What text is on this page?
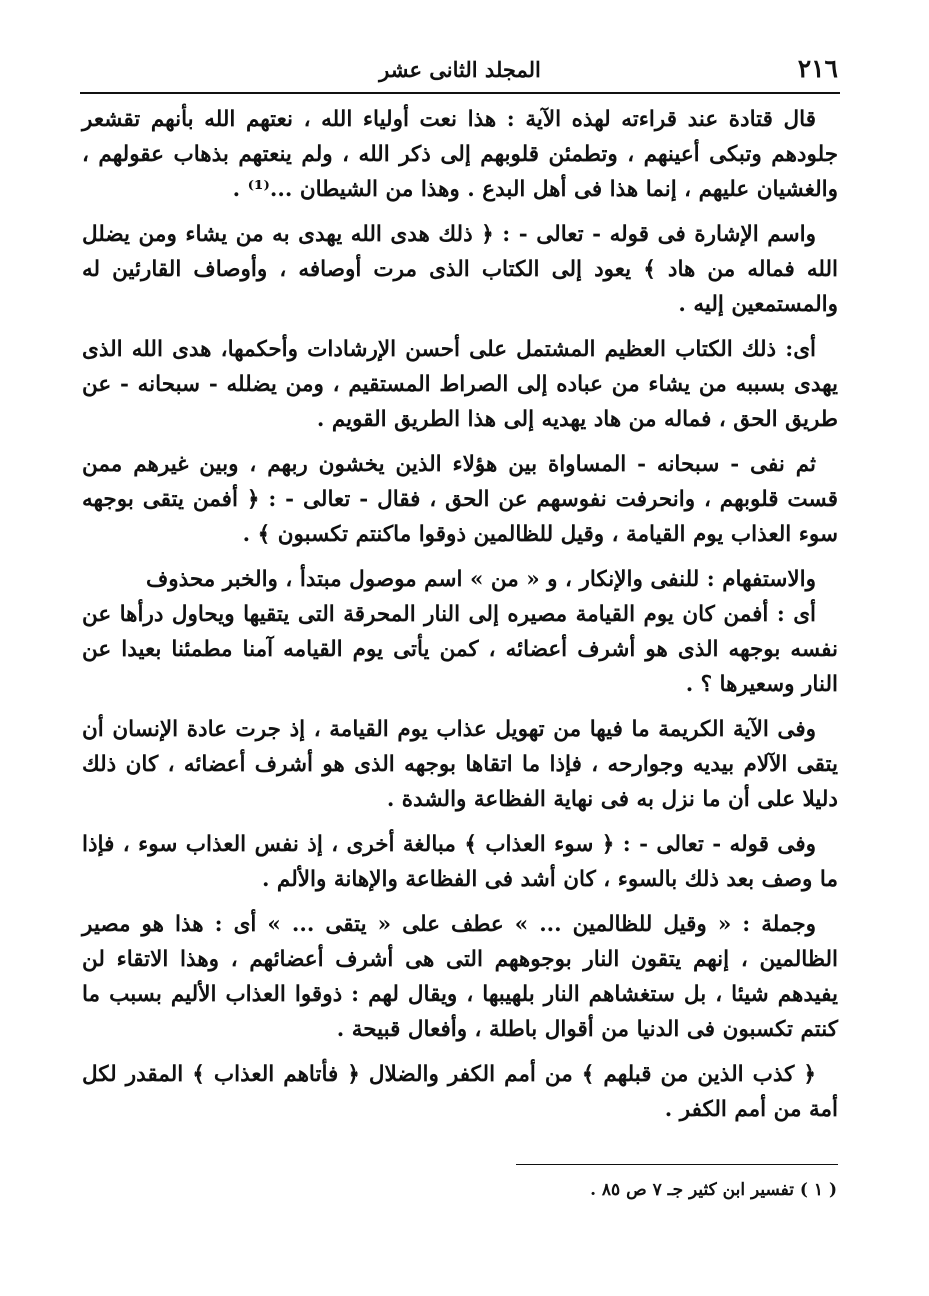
٢١٦
المجلد الثانى عشر

قال قتادة عند قراءته لهذه الآية : هذا نعت أولياء الله ، نعتهم الله بأنهم تقشعر جلودهم وتبكى أعينهم ، وتطمئن قلوبهم إلى ذكر الله ، ولم ينعتهم بذهاب عقولهم ، والغشيان عليهم ، إنما هذا فى أهل البدع . وهذا من الشيطان ...⁽¹⁾ .

واسم الإشارة فى قوله - تعالى - : ﴿ ذلك هدى الله يهدى به من يشاء ومن يضلل الله فماله من هاد ﴾ يعود إلى الكتاب الذى مرت أوصافه ، وأوصاف القارئين له والمستمعين إليه .

أى: ذلك الكتاب العظيم المشتمل على أحسن الإرشادات وأحكمها، هدى الله الذى يهدى بسببه من يشاء من عباده إلى الصراط المستقيم ، ومن يضلله - سبحانه - عن طريق الحق ، فماله من هاد يهديه إلى هذا الطريق القويم .

ثم نفى - سبحانه - المساواة بين هؤلاء الذين يخشون ربهم ، وبين غيرهم ممن قست قلوبهم ، وانحرفت نفوسهم عن الحق ، فقال - تعالى - : ﴿ أفمن يتقى بوجهه سوء العذاب يوم القيامة ، وقيل للظالمين ذوقوا ماكنتم تكسبون ﴾ .

والاستفهام : للنفى والإنكار ، و « من » اسم موصول مبتدأ ، والخبر محذوف

أى : أفمن كان يوم القيامة مصيره إلى النار المحرقة التى يتقيها ويحاول درأها عن نفسه بوجهه الذى هو أشرف أعضائه ، كمن يأتى يوم القيامه آمنا مطمئنا بعيدا عن النار وسعيرها ؟ .

وفى الآية الكريمة ما فيها من تهويل عذاب يوم القيامة ، إذ جرت عادة الإنسان أن يتقى الآلام بيديه وجوارحه ، فإذا ما اتقاها بوجهه الذى هو أشرف أعضائه ، كان ذلك دليلا على أن ما نزل به فى نهاية الفظاعة والشدة .

وفى قوله - تعالى - : ﴿ سوء العذاب ﴾ مبالغة أخرى ، إذ نفس العذاب سوء ، فإذا ما وصف بعد ذلك بالسوء ، كان أشد فى الفظاعة والإهانة والألم .

وجملة : « وقيل للظالمين ... » عطف على « يتقى ... » أى : هذا هو مصير الظالمين ، إنهم يتقون النار بوجوههم التى هى أشرف أعضائهم ، وهذا الاتقاء لن يفيدهم شيئا ، بل ستغشاهم النار بلهيبها ، ويقال لهم : ذوقوا العذاب الأليم بسبب ما كنتم تكسبون فى الدنيا من أقوال باطلة ، وأفعال قبيحة .

﴿ كذب الذين من قبلهم ﴾ من أمم الكفر والضلال ﴿ فأتاهم العذاب ﴾ المقدر لكل أمة من أمم الكفر .

( ١ ) تفسير ابن كثير جـ ٧ ص ٨٥ .
